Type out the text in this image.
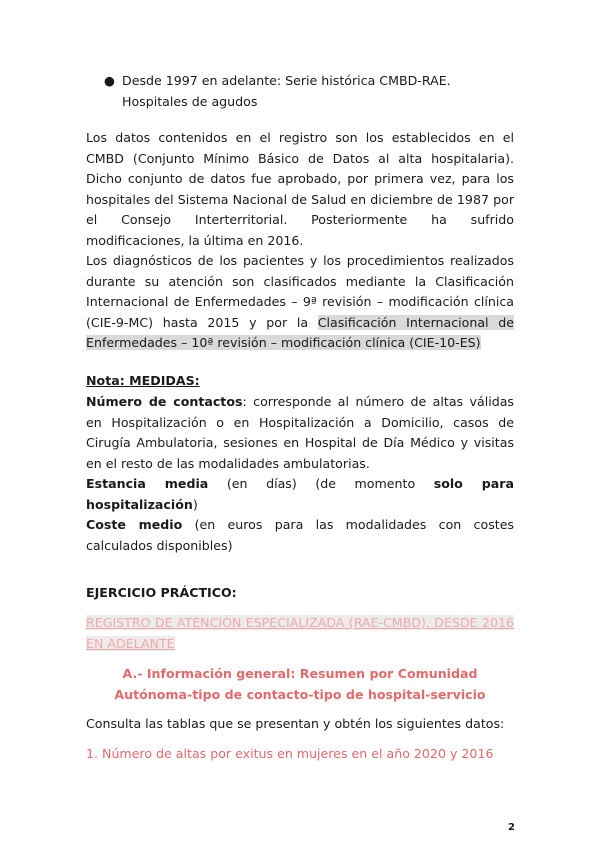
● Desde 1997 en adelante: Serie histórica CMBD-RAE.
Hospitales de agudos
Los datos contenidos en el registro son los establecidos en el CMBD (Conjunto Mínimo Básico de Datos al alta hospitalaria). Dicho conjunto de datos fue aprobado, por primera vez, para los hospitales del Sistema Nacional de Salud en diciembre de 1987 por el Consejo Interterritorial. Posteriormente ha sufrido modificaciones, la última en 2016.
Los diagnósticos de los pacientes y los procedimientos realizados durante su atención son clasificados mediante la Clasificación Internacional de Enfermedades – 9ª revisión – modificación clínica (CIE-9-MC) hasta 2015 y por la Clasificación Internacional de Enfermedades – 10ª revisión – modificación clínica (CIE-10-ES)
Nota: MEDIDAS:
Número de contactos: corresponde al número de altas válidas en Hospitalización o en Hospitalización a Domicilio, casos de Cirugía Ambulatoria, sesiones en Hospital de Día Médico y visitas en el resto de las modalidades ambulatorias.
Estancia media (en días) (de momento solo para hospitalización)
Coste medio (en euros para las modalidades con costes calculados disponibles)
EJERCICIO PRÁCTICO:
REGISTRO DE ATENCIÓN ESPECIALIZADA (RAE-CMBD). DESDE 2016 EN ADELANTE
A.- Información general: Resumen por Comunidad Autónoma-tipo de contacto-tipo de hospital-servicio
Consulta las tablas que se presentan y obtén los siguientes datos:
1. Número de altas por exitus en mujeres en el año 2020 y 2016
2
